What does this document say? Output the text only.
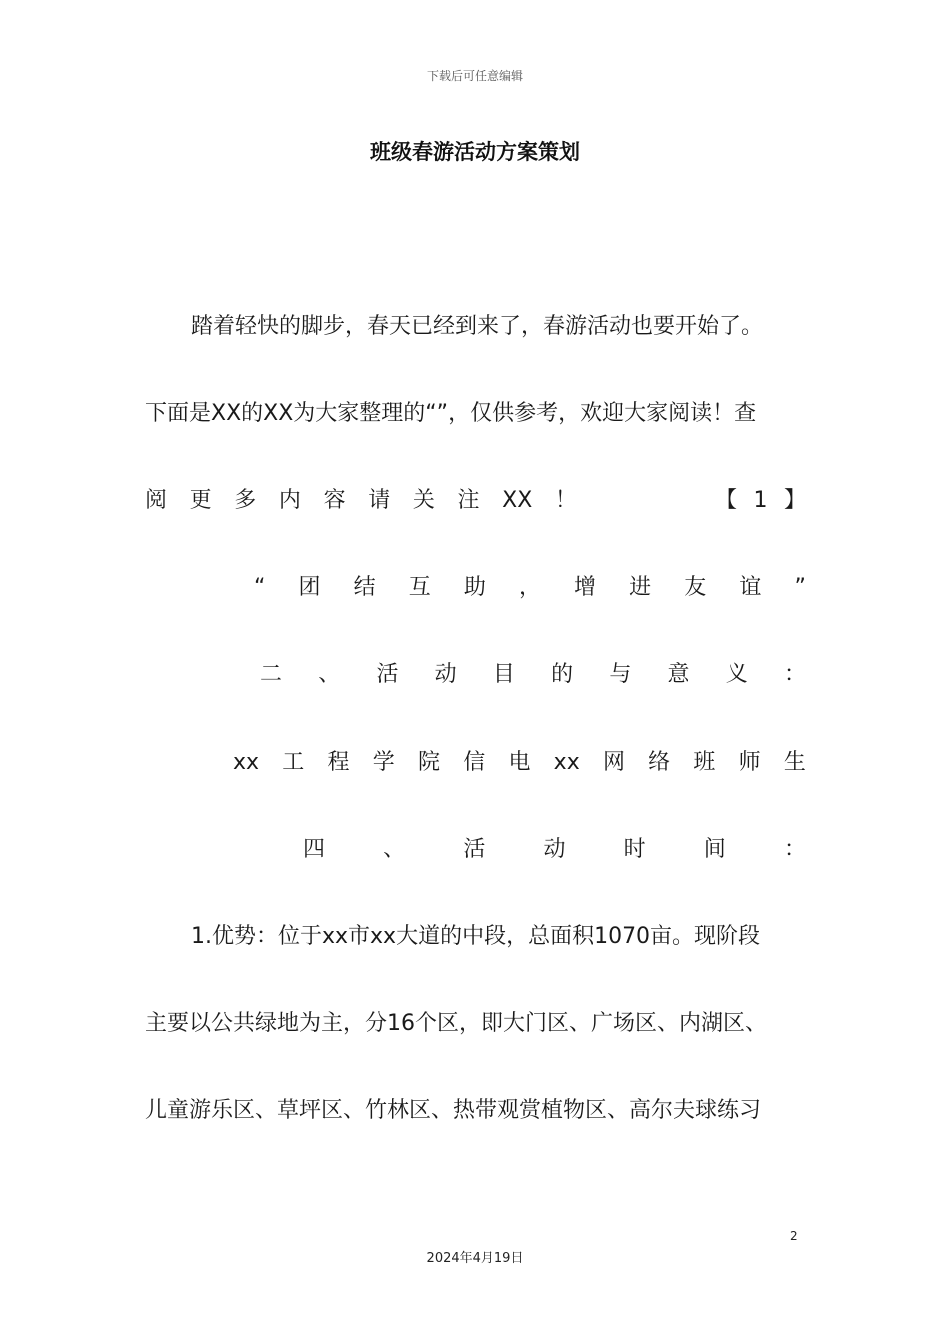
下载后可任意编辑
班级春游活动方案策划
踏着轻快的脚步，春天已经到来了，春游活动也要开始了。
下面是XX的XX为大家整理的“”，仅供参考，欢迎大家阅读！查
阅 更 多 内 容 请 关 注 XX ！	【 1 】
“ 团 结 互 助 ， 增 进 友 谊 ”
二 、 活 动 目 的 与 意 义 ：
xx 工 程 学 院 信 电 xx 网 络 班 师 生
四	、	活	动	时	间	：
1.优势：位于xx市xx大道的中段，总面积1070亩。现阶段
主要以公共绿地为主，分16个区，即大门区、广场区、内湖区、
儿童游乐区、草坪区、竹林区、热带观赏植物区、高尔夫球练习
2
2024年4月19日
